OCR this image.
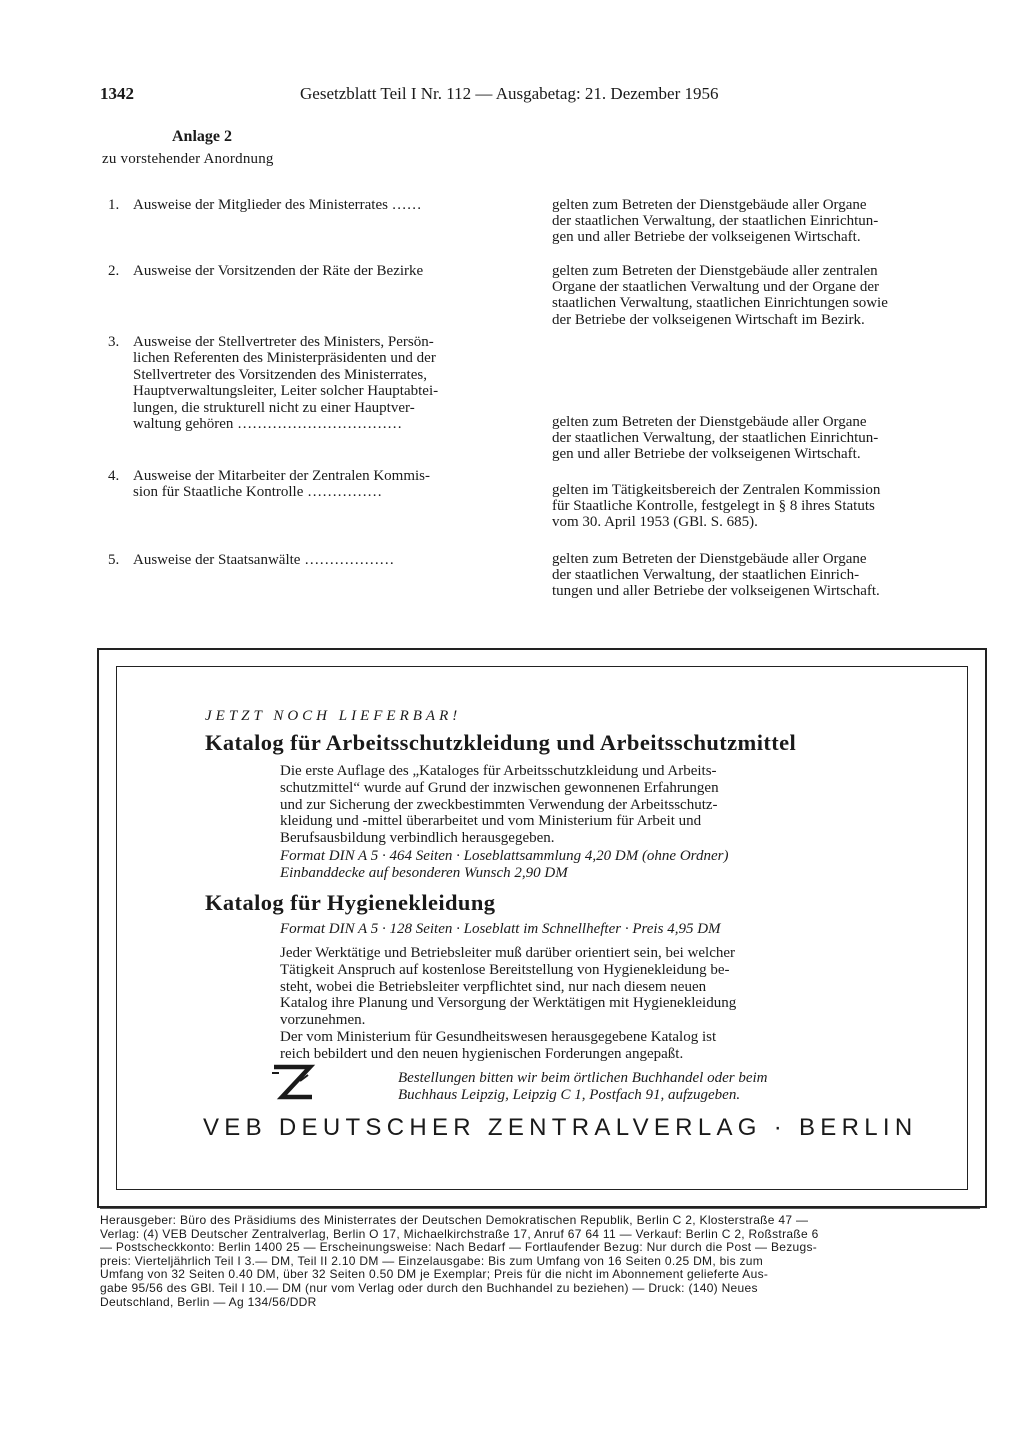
1342	Gesetzblatt Teil I Nr. 112 — Ausgabetag: 21. Dezember 1956
Anlage 2
zu vorstehender Anordnung
1. Ausweise der Mitglieder des Ministerrates ……	gelten zum Betreten der Dienstgebäude aller Organe
der staatlichen Verwaltung, der staatlichen Einrichtun-
gen und aller Betriebe der volkseigenen Wirtschaft.
2. Ausweise der Vorsitzenden der Räte der Bezirke	gelten zum Betreten der Dienstgebäude aller zentralen
Organe der staatlichen Verwaltung und der Organe der
staatlichen Verwaltung, staatlichen Einrichtungen sowie
der Betriebe der volkseigenen Wirtschaft im Bezirk.
3. Ausweise der Stellvertreter des Ministers, Persön-
lichen Referenten des Ministerpräsidenten und der
Stellvertreter des Vorsitzenden des Ministerrates,
Hauptverwaltungsleiter, Leiter solcher Hauptabtei-
lungen, die strukturell nicht zu einer Hauptver-
waltung gehören ……………………………	gelten zum Betreten der Dienstgebäude aller Organe
der staatlichen Verwaltung, der staatlichen Einrichtun-
gen und aller Betriebe der volkseigenen Wirtschaft.
4. Ausweise der Mitarbeiter der Zentralen Kommis-
sion für Staatliche Kontrolle ……………	gelten im Tätigkeitsbereich der Zentralen Kommission
für Staatliche Kontrolle, festgelegt in § 8 ihres Statuts
vom 30. April 1953 (GBl. S. 685).
5. Ausweise der Staatsanwälte ………………	gelten zum Betreten der Dienstgebäude aller Organe
der staatlichen Verwaltung, der staatlichen Einrich-
tungen und aller Betriebe der volkseigenen Wirtschaft.
JETZT NOCH LIEFERBAR!
Katalog für Arbeitsschutzkleidung und Arbeitsschutzmittel
Die erste Auflage des „Kataloges für Arbeitsschutzkleidung und Arbeits-
schutzmittel“ wurde auf Grund der inzwischen gewonnenen Erfahrungen
und zur Sicherung der zweckbestimmten Verwendung der Arbeitsschutz-
kleidung und -mittel überarbeitet und vom Ministerium für Arbeit und
Berufsausbildung verbindlich herausgegeben.
Format DIN A 5 · 464 Seiten · Loseblattsammlung 4,20 DM (ohne Ordner)
Einbanddecke auf besonderen Wunsch 2,90 DM
Katalog für Hygienekleidung
Format DIN A 5 · 128 Seiten · Loseblatt im Schnellhefter · Preis 4,95 DM
Jeder Werktätige und Betriebsleiter muß darüber orientiert sein, bei welcher
Tätigkeit Anspruch auf kostenlose Bereitstellung von Hygienekleidung be-
steht, wobei die Betriebsleiter verpflichtet sind, nur nach diesem neuen
Katalog ihre Planung und Versorgung der Werktätigen mit Hygienekleidung
vorzunehmen.
Der vom Ministerium für Gesundheitswesen herausgegebene Katalog ist
reich bebildert und den neuen hygienischen Forderungen angepaßt.
Bestellungen bitten wir beim örtlichen Buchhandel oder beim
Buchhaus Leipzig, Leipzig C 1, Postfach 91, aufzugeben.
VEB DEUTSCHER ZENTRALVERLAG · BERLIN
Herausgeber: Büro des Präsidiums des Ministerrates der Deutschen Demokratischen Republik, Berlin C 2, Klosterstraße 47 —
Verlag: (4) VEB Deutscher Zentralverlag, Berlin O 17, Michaelkirchstraße 17, Anruf 67 64 11 — Verkauf: Berlin C 2, Roßstraße 6
— Postscheckkonto: Berlin 1400 25 — Erscheinungsweise: Nach Bedarf — Fortlaufender Bezug: Nur durch die Post — Bezugs-
preis: Vierteljährlich Teil I 3.— DM, Teil II 2.10 DM — Einzelausgabe: Bis zum Umfang von 16 Seiten 0.25 DM, bis zum
Umfang von 32 Seiten 0.40 DM, über 32 Seiten 0.50 DM je Exemplar; Preis für die nicht im Abonnement gelieferte Aus-
gabe 95/56 des GBl. Teil I 10.— DM (nur vom Verlag oder durch den Buchhandel zu beziehen) — Druck: (140) Neues
Deutschland, Berlin — Ag 134/56/DDR
